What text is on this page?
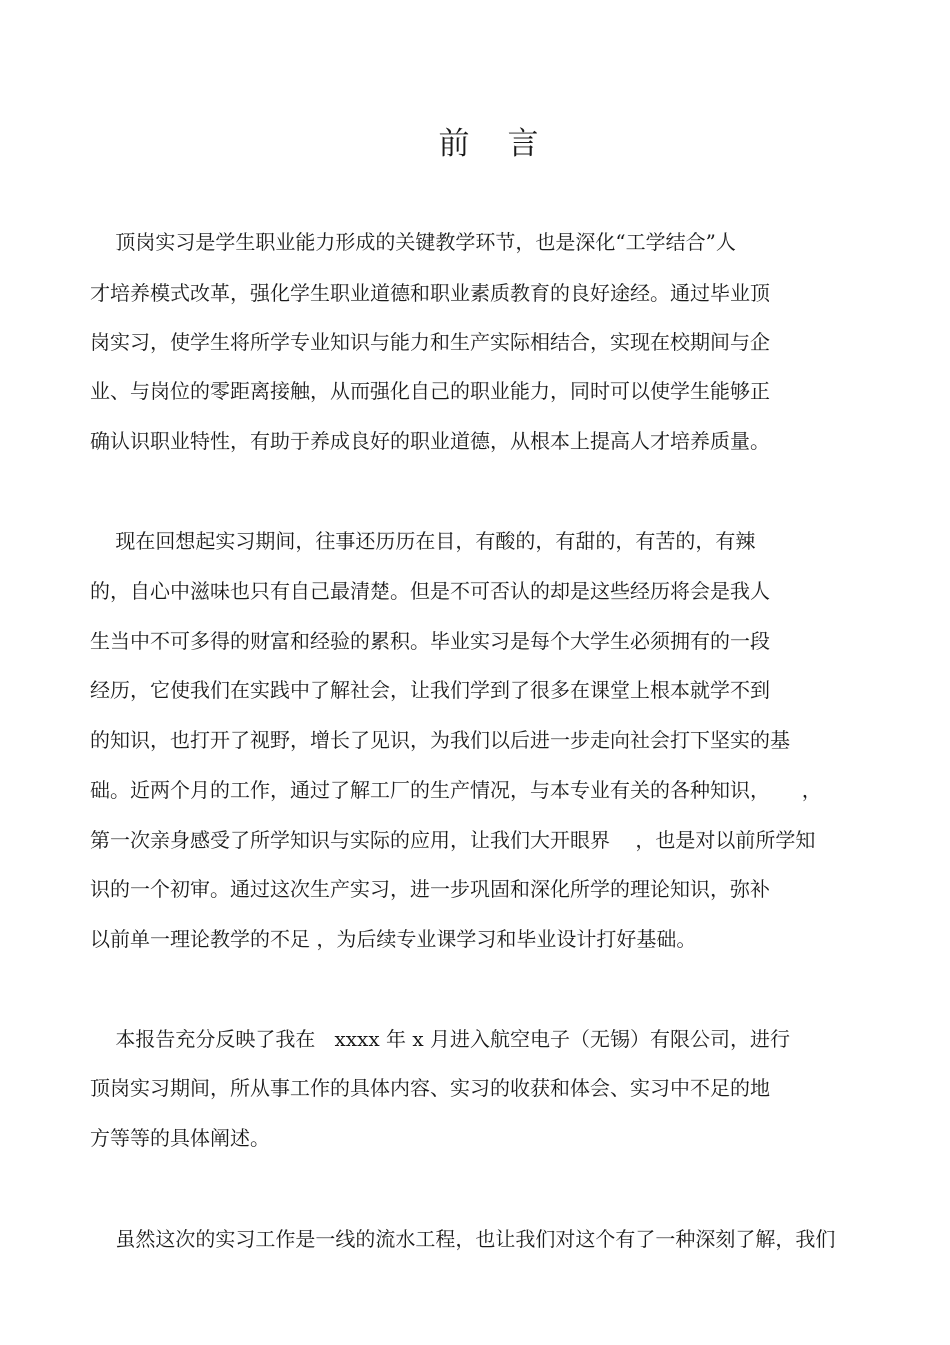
前言
顶岗实习是学生职业能力形成的关键教学环节，也是深化“工学结合”人
才培养模式改革，强化学生职业道德和职业素质教育的良好途经。通过毕业顶
岗实习，使学生将所学专业知识与能力和生产实际相结合，实现在校期间与企
业、与岗位的零距离接触，从而强化自己的职业能力，同时可以使学生能够正
确认识职业特性，有助于养成良好的职业道德，从根本上提高人才培养质量。
现在回想起实习期间，往事还历历在目，有酸的，有甜的，有苦的，有辣
的，自心中滋味也只有自己最清楚。但是不可否认的却是这些经历将会是我人
生当中不可多得的财富和经验的累积。毕业实习是每个大学生必须拥有的一段
经历，它使我们在实践中了解社会，让我们学到了很多在课堂上根本就学不到
的知识，也打开了视野，增长了见识，为我们以后进一步走向社会打下坚实的基
础。近两个月的工作，通过了解工厂的生产情况，与本专业有关的各种知识，     ，
第一次亲身感受了所学知识与实际的应用，让我们大开眼界    ，也是对以前所学知
识的一个初审。通过这次生产实习，进一步巩固和深化所学的理论知识，弥补
以前单一理论教学的不足 ，为后续专业课学习和毕业设计打好基础。
本报告充分反映了我在   xxxx 年 x 月进入航空电子（无锡）有限公司，进行
顶岗实习期间，所从事工作的具体内容、实习的收获和体会、实习中不足的地
方等等的具体阐述。
虽然这次的实习工作是一线的流水工程，也让我们对这个有了一种深刻了解，我们
